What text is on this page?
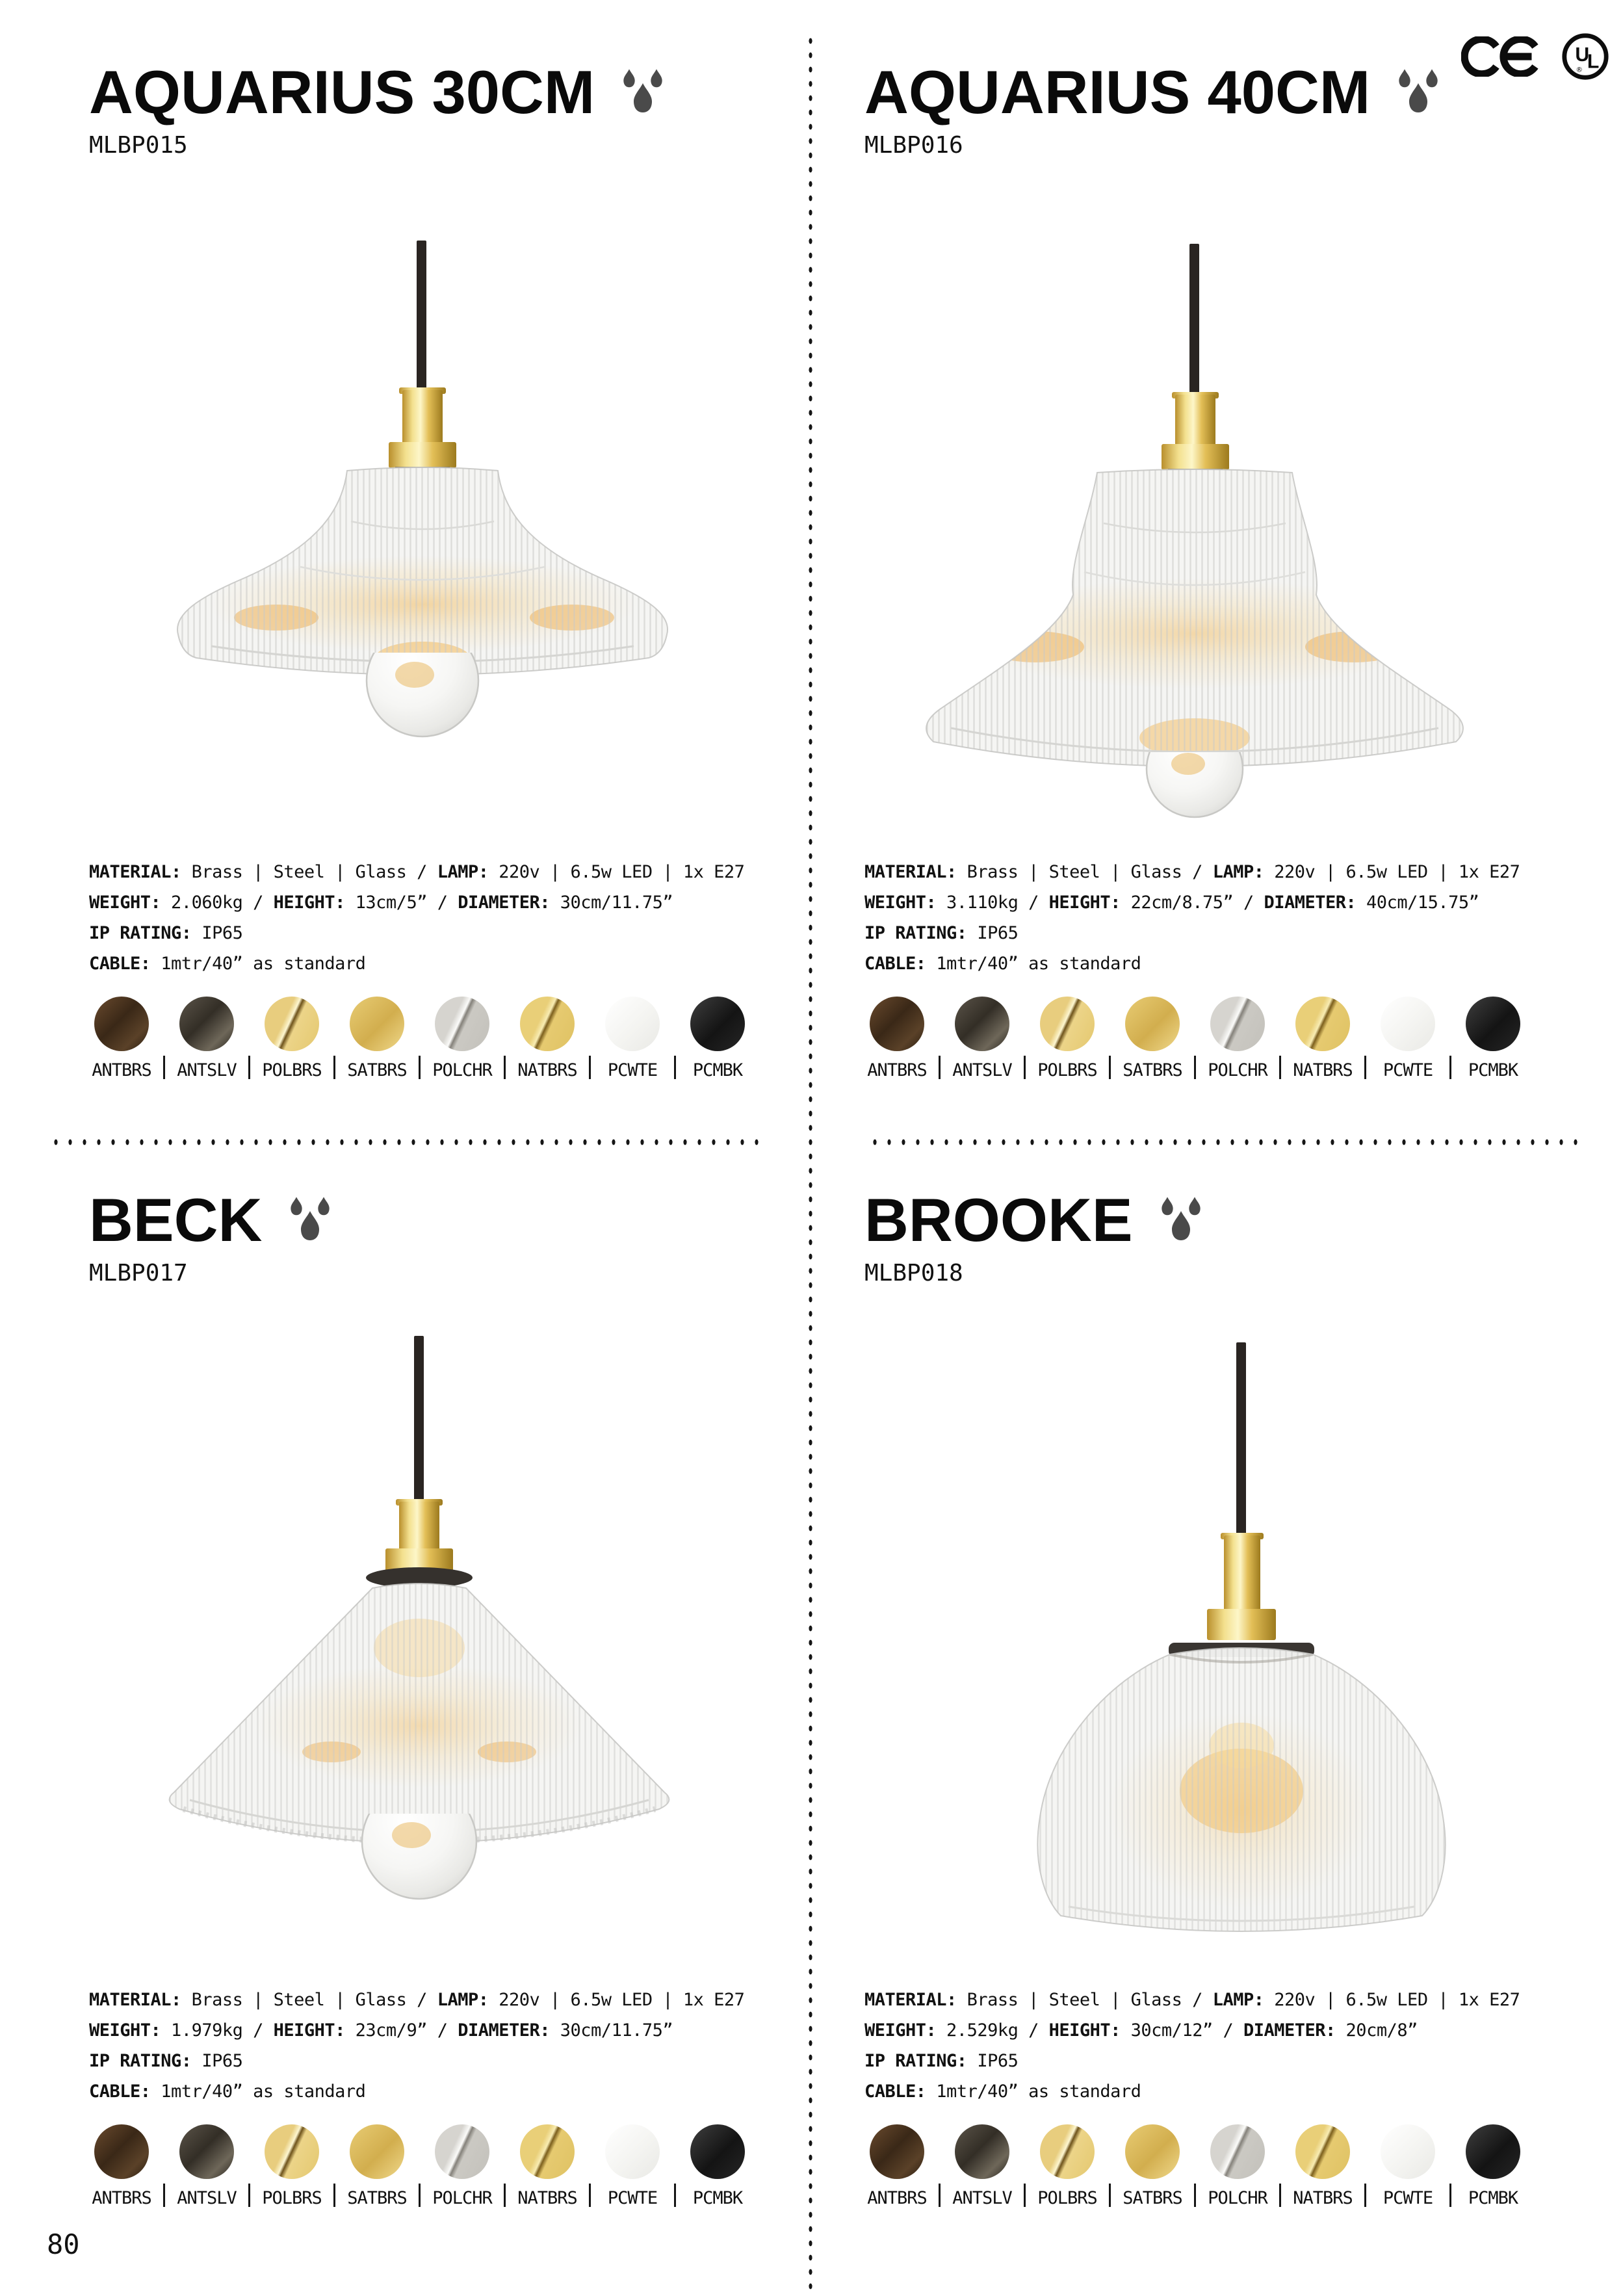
U
L
®
AQUARIUS 30CM
MLBP015

MATERIAL: Brass | Steel | Glass / LAMP: 220v | 6.5w LED | 1x E27

WEIGHT: 2.060kg / HEIGHT: 13cm/5” / DIAMETER: 30cm/11.75”

IP RATING: IP65

CABLE: 1mtr/40” as standard

ANTBRS ANTSLV POLBRS SATBRS POLCHR NATBRS PCWTE PCMBK
AQUARIUS 40CM
MLBP016

MATERIAL: Brass | Steel | Glass / LAMP: 220v | 6.5w LED | 1x E27

WEIGHT: 3.110kg / HEIGHT: 22cm/8.75” / DIAMETER: 40cm/15.75”

IP RATING: IP65

CABLE: 1mtr/40” as standard

ANTBRS ANTSLV POLBRS SATBRS POLCHR NATBRS PCWTE PCMBK
BECK
MLBP017

MATERIAL: Brass | Steel | Glass / LAMP: 220v | 6.5w LED | 1x E27

WEIGHT: 1.979kg / HEIGHT: 23cm/9” / DIAMETER: 30cm/11.75”

IP RATING: IP65

CABLE: 1mtr/40” as standard

ANTBRS ANTSLV POLBRS SATBRS POLCHR NATBRS PCWTE PCMBK
BROOKE
MLBP018

MATERIAL: Brass | Steel | Glass / LAMP: 220v | 6.5w LED | 1x E27

WEIGHT: 2.529kg / HEIGHT: 30cm/12” / DIAMETER: 20cm/8”

IP RATING: IP65

CABLE: 1mtr/40” as standard

ANTBRS ANTSLV POLBRS SATBRS POLCHR NATBRS PCWTE PCMBK
80
